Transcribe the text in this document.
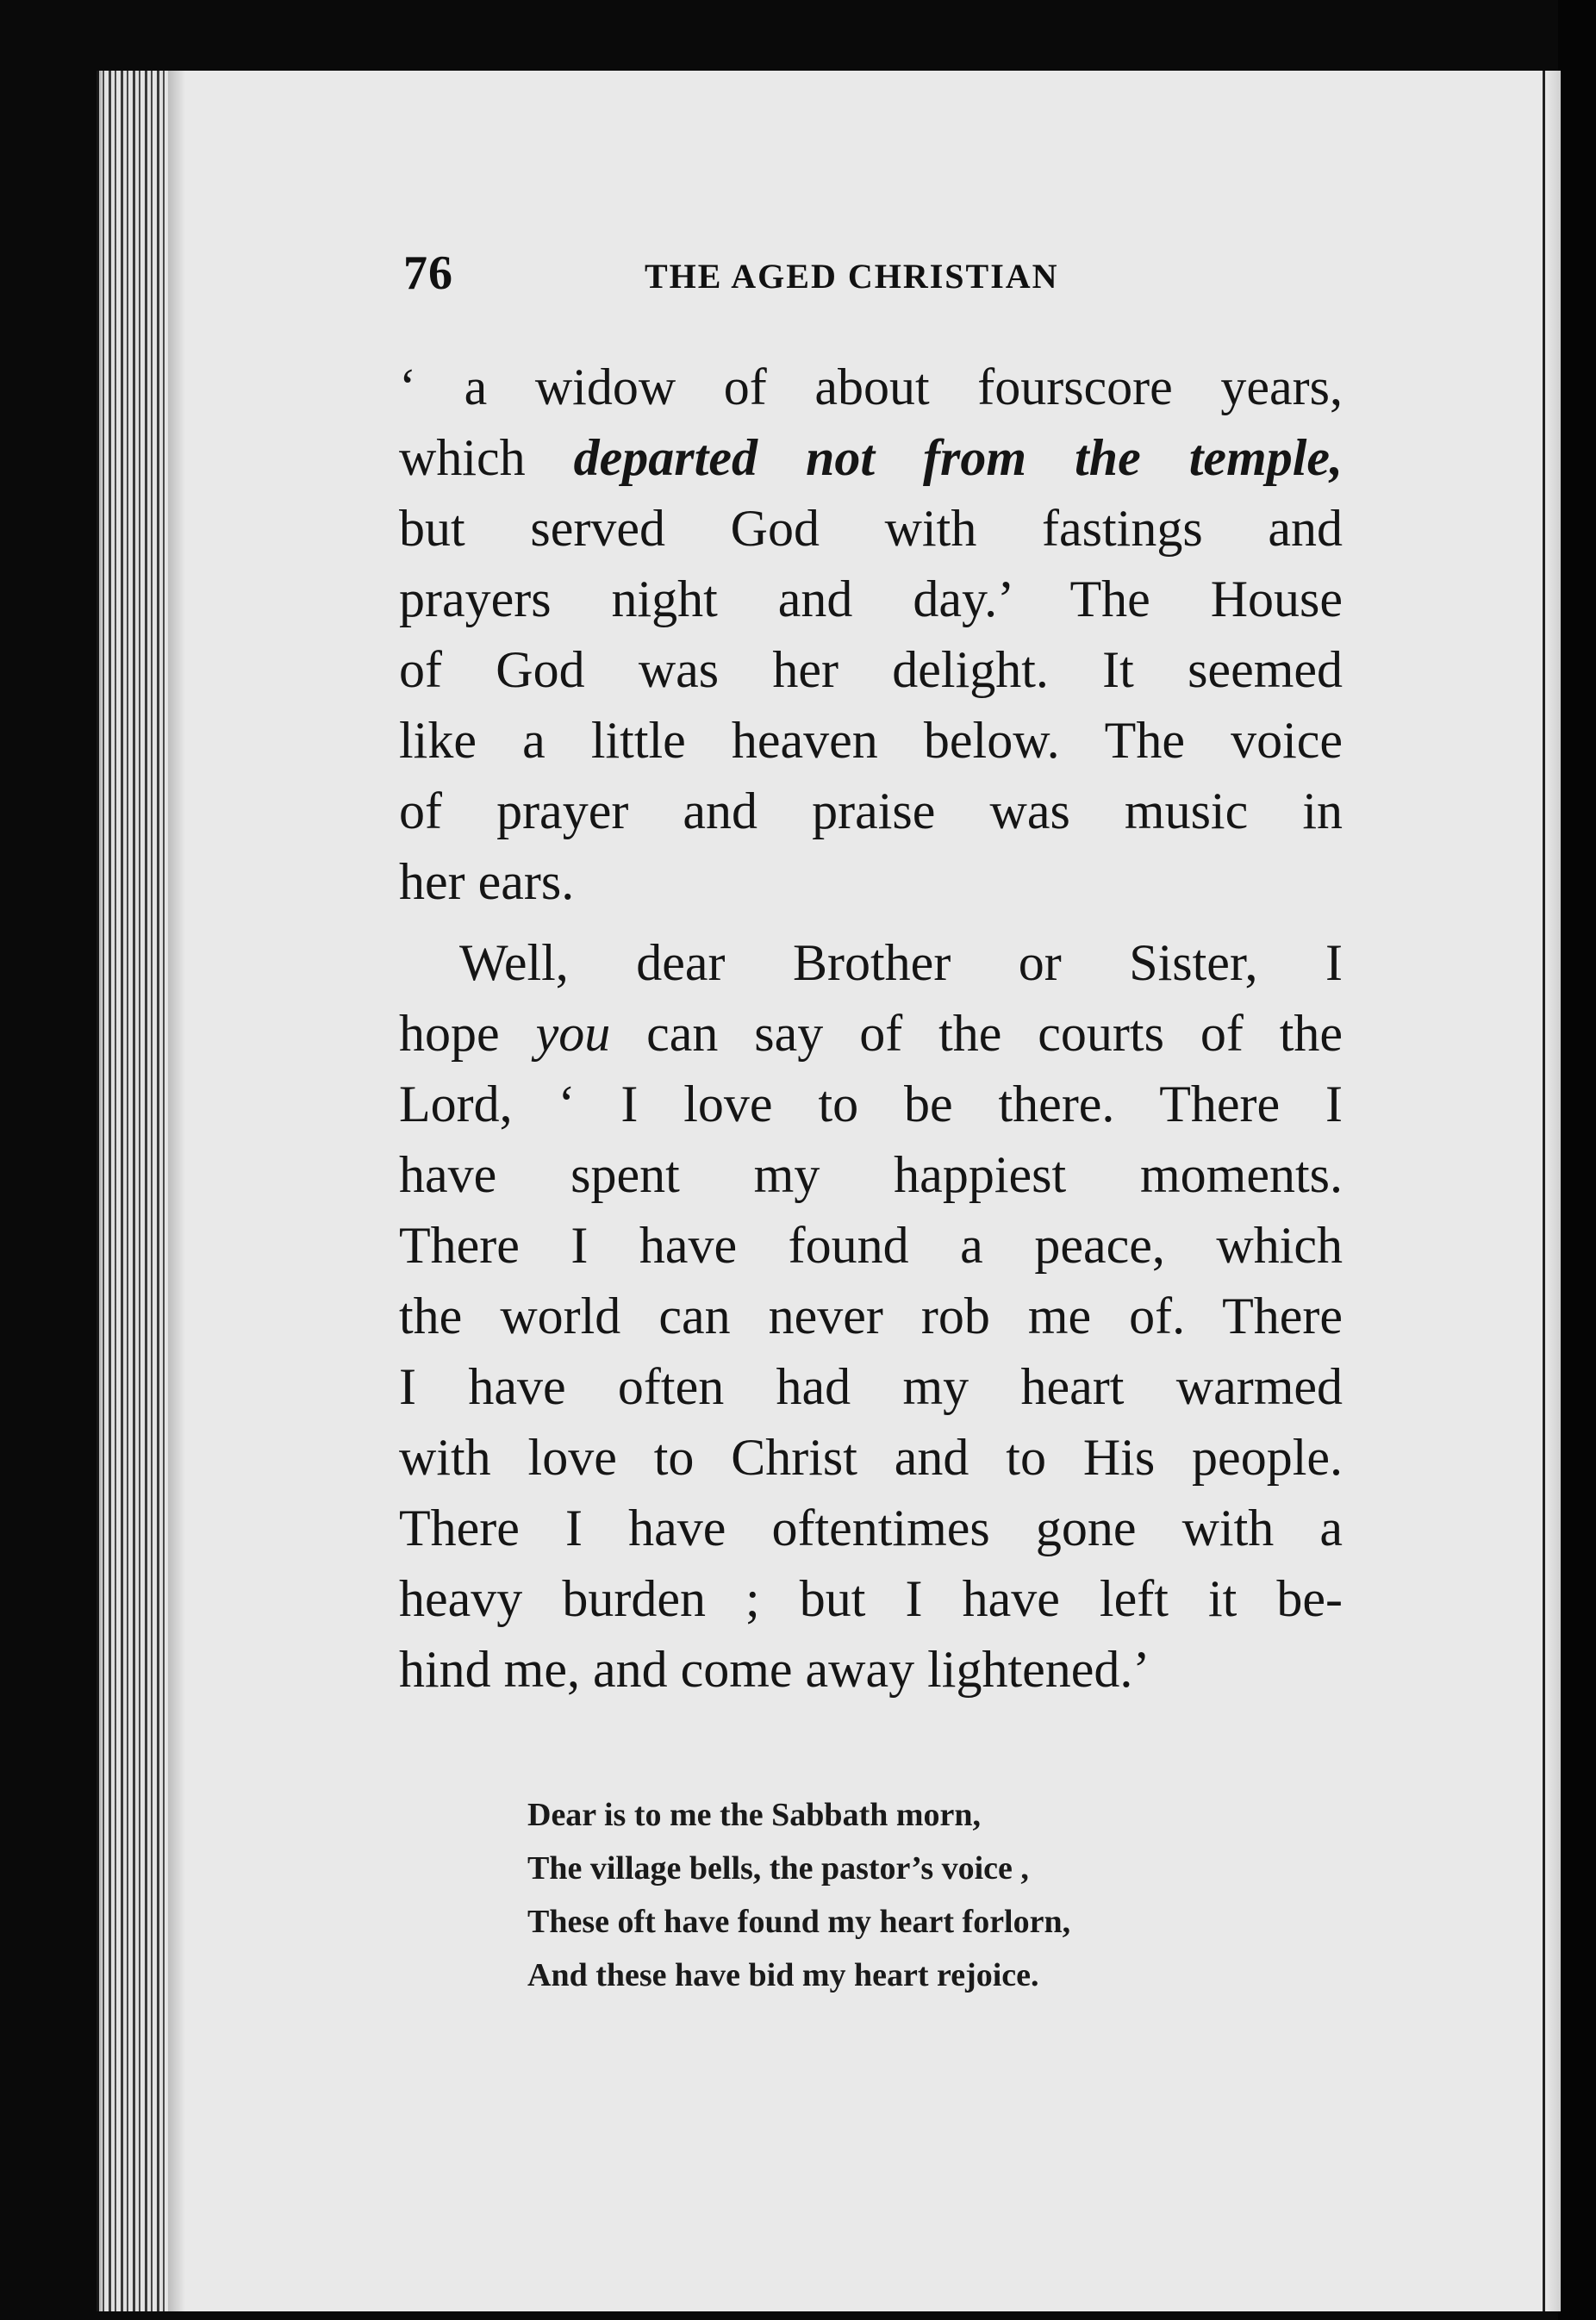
76	THE AGED CHRISTIAN
‘ a widow of about fourscore years,
which departed not from the temple,
but served God with fastings and
prayers night and day.’ The House
of God was her delight. It seemed
like a little heaven below. The voice
of prayer and praise was music in
her ears.
Well, dear Brother or Sister, I
hope you can say of the courts of the
Lord, ‘ I love to be there. There I
have spent my happiest moments.
There I have found a peace, which
the world can never rob me of. There
I have often had my heart warmed
with love to Christ and to His people.
There I have oftentimes gone with a
heavy burden ; but I have left it be-
hind me, and come away lightened.’
Dear is to me the Sabbath morn,
The village bells, the pastor’s voice ,
These oft have found my heart forlorn,
And these have bid my heart rejoice.
